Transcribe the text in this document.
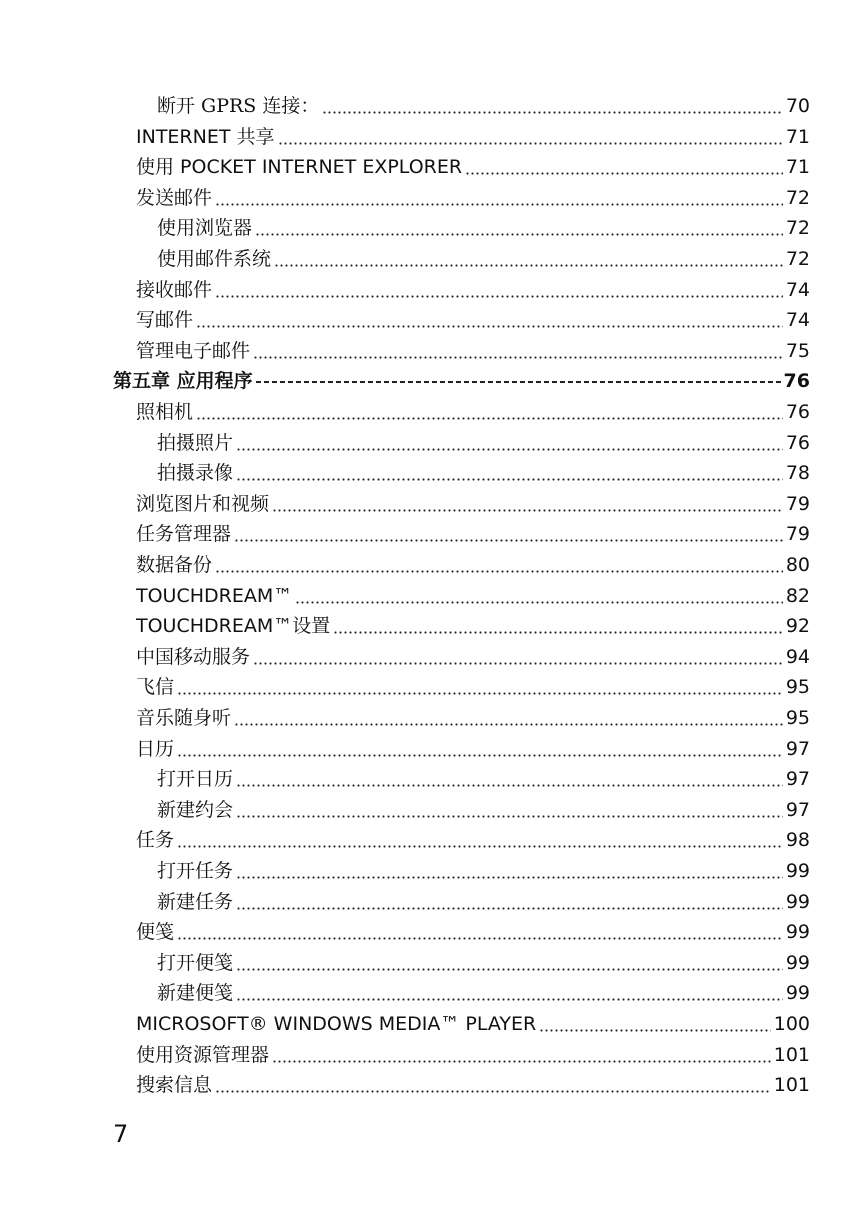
断开 GPRS 连接：	70
INTERNET 共享	71
使用 POCKET INTERNET EXPLORER	71
发送邮件	72
使用浏览器	72
使用邮件系统	72
接收邮件	74
写邮件	74
管理电子邮件	75
第五章 应用程序	76
照相机	76
拍摄照片	76
拍摄录像	78
浏览图片和视频	79
任务管理器	79
数据备份	80
TOUCHDREAM™	82
TOUCHDREAM™设置	92
中国移动服务	94
飞信	95
音乐随身听	95
日历	97
打开日历	97
新建约会	97
任务	98
打开任务	99
新建任务	99
便笺	99
打开便笺	99
新建便笺	99
MICROSOFT® WINDOWS MEDIA™ PLAYER	100
使用资源管理器	101
搜索信息	101
7
